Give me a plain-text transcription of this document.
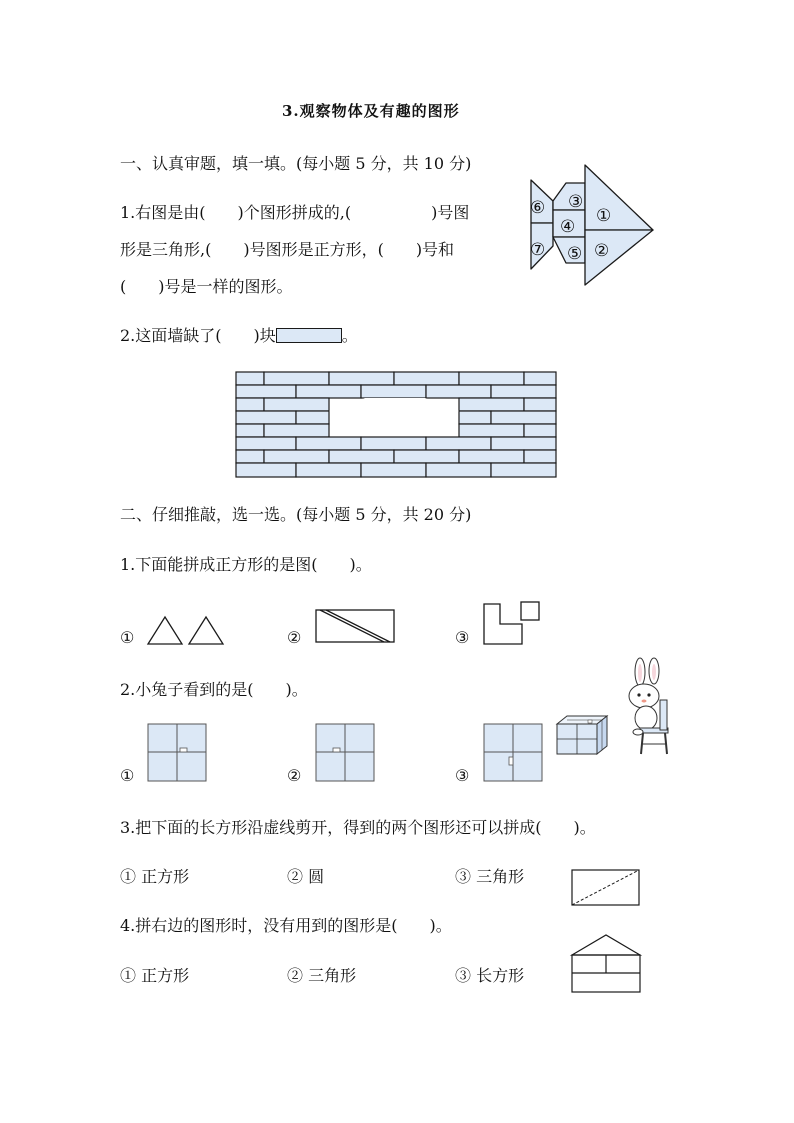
3.观察物体及有趣的图形
一、认真审题，填一填。(每小题 5 分，共 10 分)
1.右图是由(　　)个图形拼成的,(　　　　　)号图
形是三角形,(　　)号图形是正方形，(　　)号和
(　　)号是一样的图形。
⑥ ③
①
④
⑦ ⑤ ②
2.这面墙缺了(　　)块	。
二、仔细推敲，选一选。(每小题 5 分，共 20 分)
1.下面能拼成正方形的是图(　　)。
①	②	③
2.小兔子看到的是(　　)。
①	②	③
3.把下面的长方形沿虚线剪开，得到的两个图形还可以拼成(　　)。
① 正方形	② 圆	③ 三角形
4.拼右边的图形时，没有用到的图形是(　　)。
① 正方形	② 三角形	③ 长方形
